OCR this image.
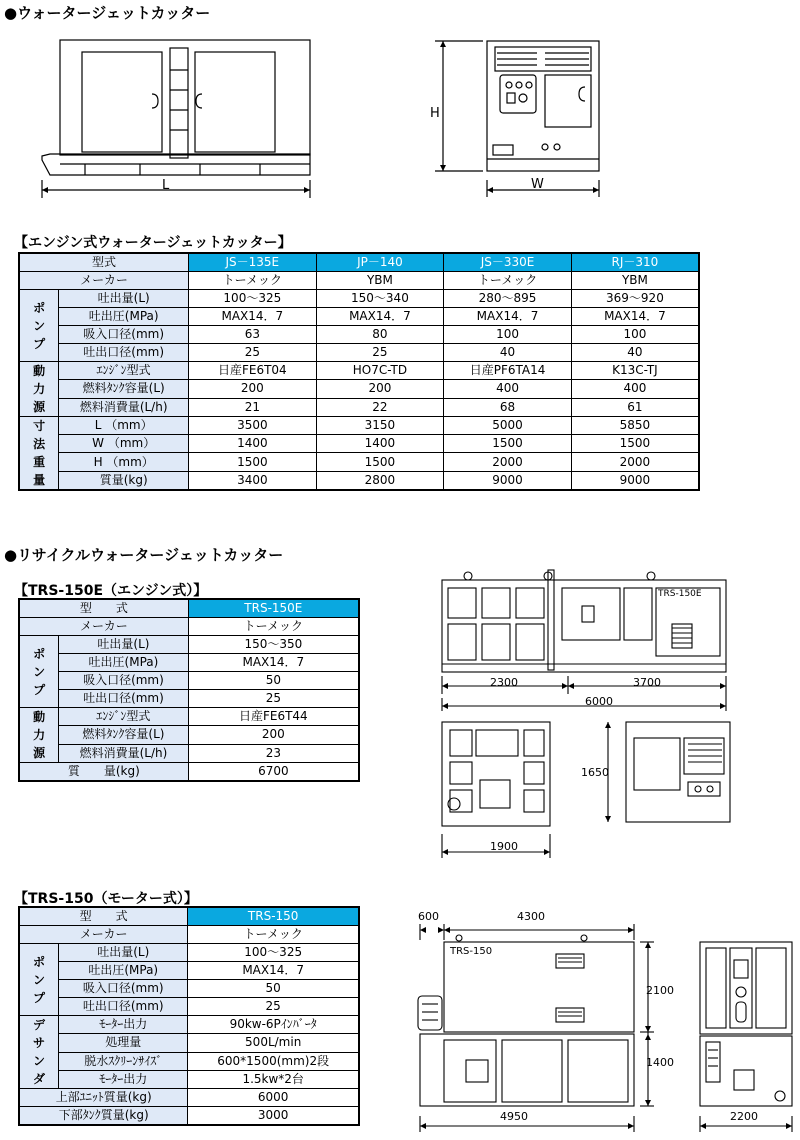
●ウォータージェットカッター
L	W
H
【エンジン式ウォータージェットカッター】
型式		JS－135E	JP－140	JS－330E	RJ－310
メーカー		トーメック	YBM	トーメック	YBM

ポ
ン
プ	吐出量(L)	100～325	150～340	280～895	369～920
	吐出圧(MPa)	MAX14．7	MAX14．7	MAX14．7	MAX14．7
	吸入口径(mm)	63	80	100	100
	吐出口径(mm)	25	25	40	40

動
力
源	ｴﾝｼﾞﾝ型式	日産FE6T04	HO7C-TD	日産PF6TA14	K13C-TJ
	燃料ﾀﾝｸ容量(L)	200	200	400	400
	燃料消費量(L/h)	21	22	68	61

寸
法
重
量	L （mm）	3500	3150	5000	5850
	W （mm）	1400	1400	1500	1500
	H （mm）	1500	1500	2000	2000
	質量(kg)	3400	2800	9000	9000
●リサイクルウォータージェットカッター
【TRS-150E（エンジン式）】
型　　式		TRS-150E
メーカー		トーメック

ポ
ン
プ	吐出量(L)	150～350
	吐出圧(MPa)	MAX14．7
	吸入口径(mm)	50
	吐出口径(mm)	25

動
力
源	ｴﾝｼﾞﾝ型式	日産FE6T44
	燃料ﾀﾝｸ容量(L)	200
	燃料消費量(L/h)	23
質　　量(kg)		6700
TRS-150E
2300	3700
6000
1650
1900
【TRS-150（モーター式）】
型　　式		TRS-150
メーカー		トーメック

ポ
ン
プ	吐出量(L)	100～325
	吐出圧(MPa)	MAX14．7
	吸入口径(mm)	50
	吐出口径(mm)	25

デ
サ
ン
ダ	ﾓｰﾀｰ出力	90kw-6Pｲﾝﾊﾞｰﾀ
	処理量	500L/min
	脱水ｽｸﾘｰﾝｻｲｽﾞ	600*1500(mm)2段
	ﾓｰﾀｰ出力	1.5kw*2台
上部ﾕﾆｯﾄ質量(kg)		6000
下部ﾀﾝｸ質量(kg)		3000
600	4300
TRS-150
2100
1400
4950	2200
